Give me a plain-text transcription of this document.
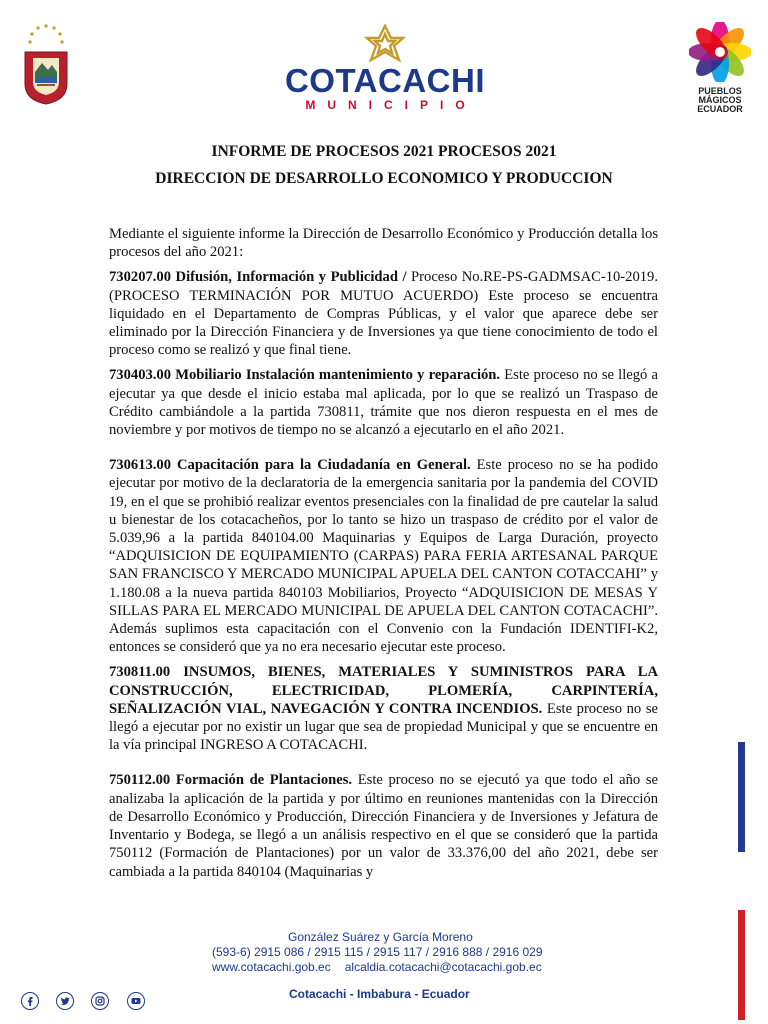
COTACACHI
MUNICIPIO
PUEBLOS
MÁGICOS
ECUADOR
INFORME DE PROCESOS 2021 PROCESOS 2021
DIRECCION DE DESARROLLO ECONOMICO Y PRODUCCION

Mediante el siguiente informe la Dirección de Desarrollo Económico y Producción detalla los procesos del año 2021:

730207.00 Difusión, Información y Publicidad / Proceso No.RE-PS-GADMSAC-10-2019. (PROCESO TERMINACIÓN POR MUTUO ACUERDO) Este proceso se encuentra liquidado en el Departamento de Compras Públicas, y el valor que aparece debe ser eliminado por la Dirección Financiera y de Inversiones ya que tiene conocimiento de todo el proceso como se realizó y que final tiene.

730403.00 Mobiliario Instalación mantenimiento y reparación. Este proceso no se llegó a ejecutar ya que desde el inicio estaba mal aplicada, por lo que se realizó un Traspaso de Crédito cambiándole a la partida 730811, trámite que nos dieron respuesta en el mes de noviembre y por motivos de tiempo no se alcanzó a ejecutarlo en el año 2021.

730613.00 Capacitación para la Ciudadanía en General. Este proceso no se ha podido ejecutar por motivo de la declaratoria de la emergencia sanitaria por la pandemia del COVID 19, en el que se prohibió realizar eventos presenciales con la finalidad de pre cautelar la salud u bienestar de los cotacacheños, por lo tanto se hizo un traspaso de crédito por el valor de 5.039,96 a la partida 840104.00 Maquinarias y Equipos de Larga Duración, proyecto “ADQUISICION DE EQUIPAMIENTO (CARPAS) PARA FERIA ARTESANAL PARQUE SAN FRANCISCO Y MERCADO MUNICIPAL APUELA DEL CANTON COTACCAHI” y 1.180.08 a la nueva partida 840103 Mobiliarios, Proyecto “ADQUISICION DE MESAS Y SILLAS PARA EL MERCADO MUNICIPAL DE APUELA DEL CANTON COTACACHI”. Además suplimos esta capacitación con el Convenio con la Fundación IDENTIFI-K2, entonces se consideró que ya no era necesario ejecutar este proceso.

730811.00 INSUMOS, BIENES, MATERIALES Y SUMINISTROS PARA LA CONSTRUCCIÓN, ELECTRICIDAD, PLOMERÍA, CARPINTERÍA, SEÑALIZACIÓN VIAL, NAVEGACIÓN Y CONTRA INCENDIOS. Este proceso no se llegó a ejecutar por no existir un lugar que sea de propiedad Municipal y que se encuentre en la vía principal INGRESO A COTACACHI.

750112.00 Formación de Plantaciones. Este proceso no se ejecutó ya que todo el año se analizaba la aplicación de la partida y por último en reuniones mantenidas con la Dirección de Desarrollo Económico y Producción, Dirección Financiera y de Inversiones y Jefatura de Inventario y Bodega, se llegó a un análisis respectivo en el que se consideró que la partida 750112 (Formación de Plantaciones) por un valor de 33.376,00 del año 2021, debe ser cambiada a la partida 840104 (Maquinarias y

González Suárez y García Moreno
(593-6) 2915 086 / 2915 115 / 2915 117 / 2916 888 / 2916 029
www.cotacachi.gob.ec alcaldia.cotacachi@cotacachi.gob.ec
Cotacachi - Imbabura - Ecuador
